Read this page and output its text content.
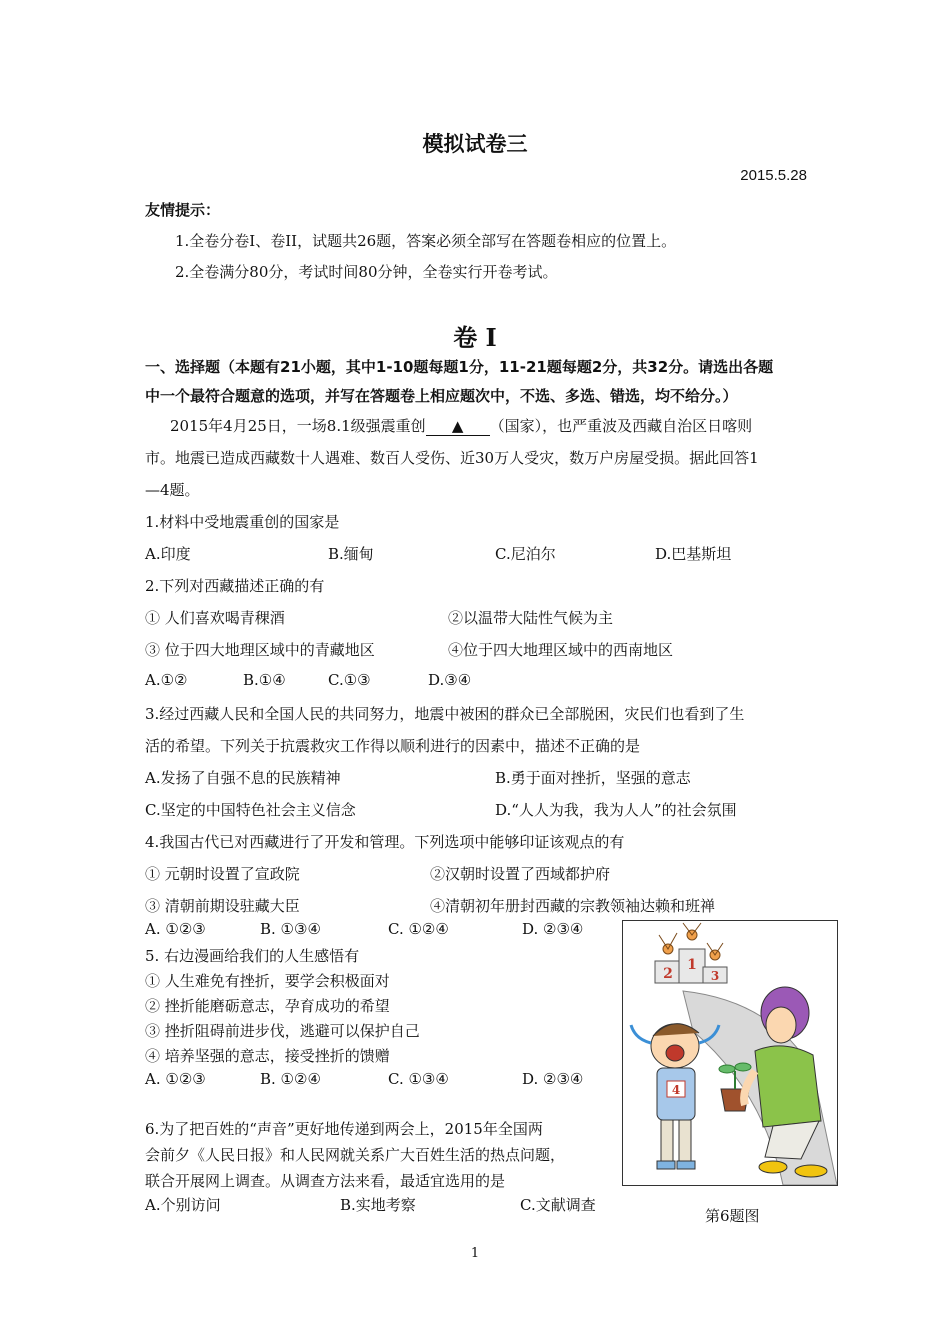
模拟试卷三
2015.5.28
友情提示：
1.全卷分卷I、卷II，试题共26题，答案必须全部写在答题卷相应的位置上。
2.全卷满分80分，考试时间80分钟，全卷实行开卷考试。
卷 I
一、选择题（本题有21小题，其中1-10题每题1分，11-21题每题2分，共32分。请选出各题
中一个最符合题意的选项，并写在答题卷上相应题次中，不选、多选、错选，均不给分。）
2015年4月25日，一场8.1级强震重创 ▲ （国家），也严重波及西藏自治区日喀则
市。地震已造成西藏数十人遇难、数百人受伤、近30万人受灾，数万户房屋受损。据此回答1
—4题。
1.材料中受地震重创的国家是
A.印度	B.缅甸	C.尼泊尔	D.巴基斯坦
2.下列对西藏描述正确的有
① 人们喜欢喝青稞酒	②以温带大陆性气候为主
③ 位于四大地理区域中的青藏地区	④位于四大地理区域中的西南地区
A.①②	B.①④	C.①③	D.③④
3.经过西藏人民和全国人民的共同努力，地震中被困的群众已全部脱困，灾民们也看到了生
活的希望。下列关于抗震救灾工作得以顺利进行的因素中，描述不正确的是
A.发扬了自强不息的民族精神	B.勇于面对挫折，坚强的意志
C.坚定的中国特色社会主义信念	D.“人人为我，我为人人”的社会氛围
4.我国古代已对西藏进行了开发和管理。下列选项中能够印证该观点的有
① 元朝时设置了宣政院	②汉朝时设置了西域都护府
③ 清朝前期设驻藏大臣	④清朝初年册封西藏的宗教领袖达赖和班禅
A. ①②③	B. ①③④	C. ①②④	D. ②③④
5. 右边漫画给我们的人生感悟有
① 人生难免有挫折，要学会积极面对
② 挫折能磨砺意志，孕育成功的希望
③ 挫折阻碍前进步伐，逃避可以保护自己
④ 培养坚强的意志，接受挫折的馈赠
A. ①②③	B. ①②④	C. ①③④	D. ②③④
6.为了把百姓的“声音”更好地传递到两会上，2015年全国两
会前夕《人民日报》和人民网就关系广大百姓生活的热点问题，
联合开展网上调查。从调查方法来看，最适宜选用的是
A.个别访问	B.实地考察	C.文献调查
2
1
3
4
第6题图
1
